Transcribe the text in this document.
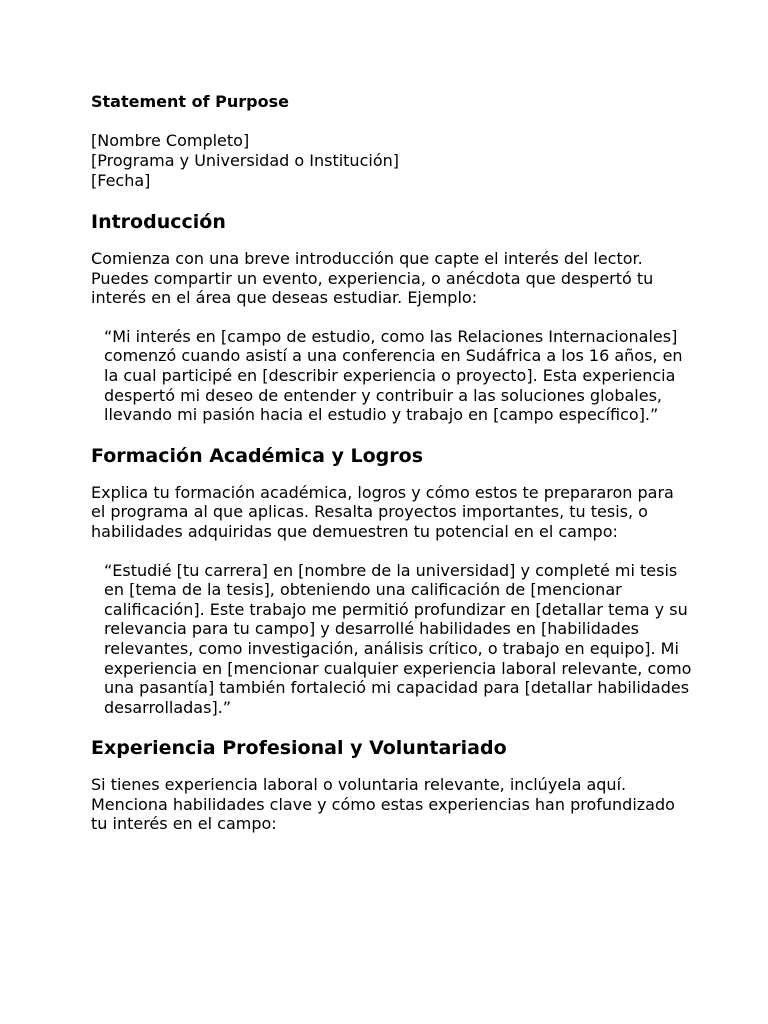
Statement of Purpose
[Nombre Completo]
[Programa y Universidad o Institución]
[Fecha]
Introducción

Comienza con una breve introducción que capte el interés del lector. Puedes compartir un evento, experiencia, o anécdota que despertó tu interés en el área que deseas estudiar. Ejemplo:

“Mi interés en [campo de estudio, como las Relaciones Internacionales] comenzó cuando asistí a una conferencia en Sudáfrica a los 16 años, en la cual participé en [describir experiencia o proyecto]. Esta experiencia despertó mi deseo de entender y contribuir a las soluciones globales, llevando mi pasión hacia el estudio y trabajo en [campo específico].”

Formación Académica y Logros

Explica tu formación académica, logros y cómo estos te prepararon para el programa al que aplicas. Resalta proyectos importantes, tu tesis, o habilidades adquiridas que demuestren tu potencial en el campo:

“Estudié [tu carrera] en [nombre de la universidad] y completé mi tesis en [tema de la tesis], obteniendo una calificación de [mencionar calificación]. Este trabajo me permitió profundizar en [detallar tema y su relevancia para tu campo] y desarrollé habilidades en [habilidades relevantes, como investigación, análisis crítico, o trabajo en equipo]. Mi experiencia en [mencionar cualquier experiencia laboral relevante, como una pasantía] también fortaleció mi capacidad para [detallar habilidades desarrolladas].”

Experiencia Profesional y Voluntariado

Si tienes experiencia laboral o voluntaria relevante, inclúyela aquí. Menciona habilidades clave y cómo estas experiencias han profundizado tu interés en el campo:
